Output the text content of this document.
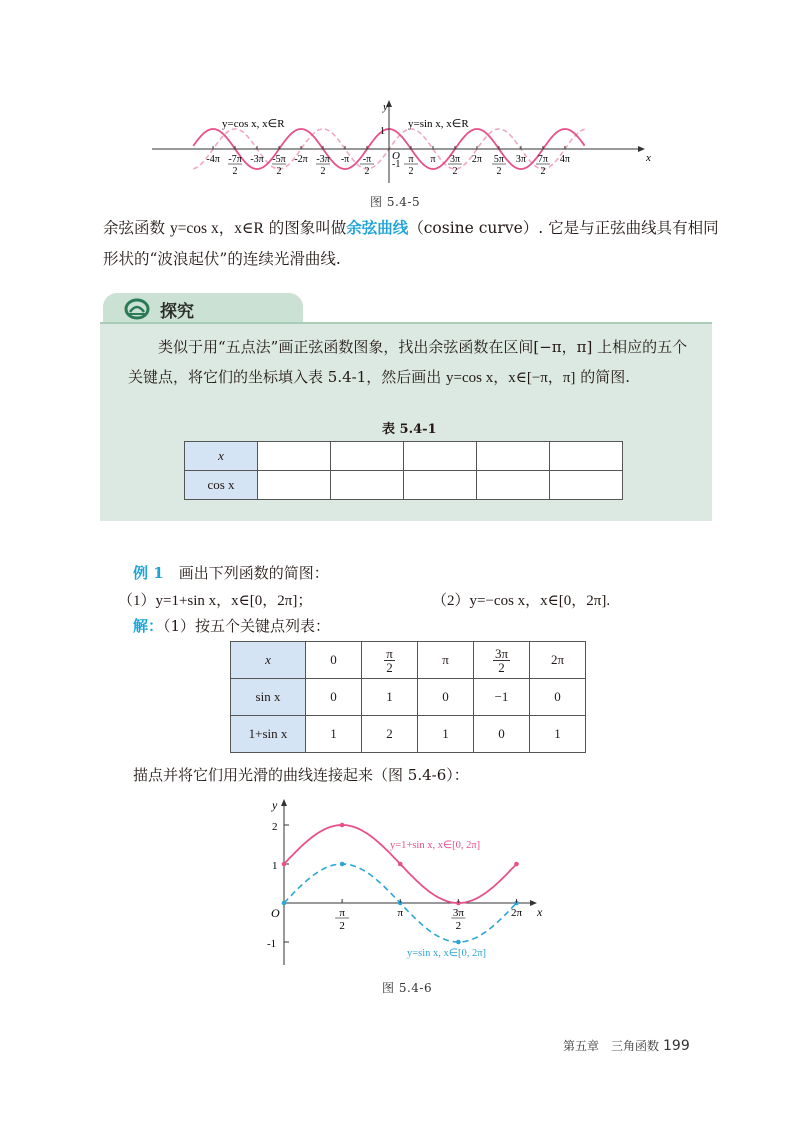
y
x
O
1
-1
y=cos x, x∈R	y=sin x, x∈R
-4π -7π
2
-3π -5π
2
-2π -3π
2
-π -π
2
π
2
π 3π
2
2π 5π
2
3π 7π
2
4π
图 5.4-5
余弦函数 y=cos x，x∈R 的图象叫做余弦曲线（cosine curve）. 它是与正弦曲线具有相同形状的“波浪起伏”的连续光滑曲线.
探究
类似于用“五点法”画正弦函数图象，找出余弦函数在区间[−π，π] 上相应的五个关键点，将它们的坐标填入表 5.4-1，然后画出 y=cos x，x∈[−π，π] 的简图.
表 5.4-1
x					
cos x					
例 1　 画出下列函数的简图：
（1）y=1+sin x，x∈[0，2π]；	（2）y=−cos x，x∈[0，2π].
解：（1）按五个关键点列表：
x	0	$\frac{\pi}{2}$	π	$\frac{3\pi}{2}$	2π
sin x	0	1	0	−1	0
1+sin x	1	2	1	0	1
描点并将它们用光滑的曲线连接起来（图 5.4-6）：
y
x
O
2
1
-1
π
2
π	3π
2
2π
y=1+sin x, x∈[0, 2π]
y=sin x, x∈[0, 2π]
图 5.4-6
第五章　三角函数 199
